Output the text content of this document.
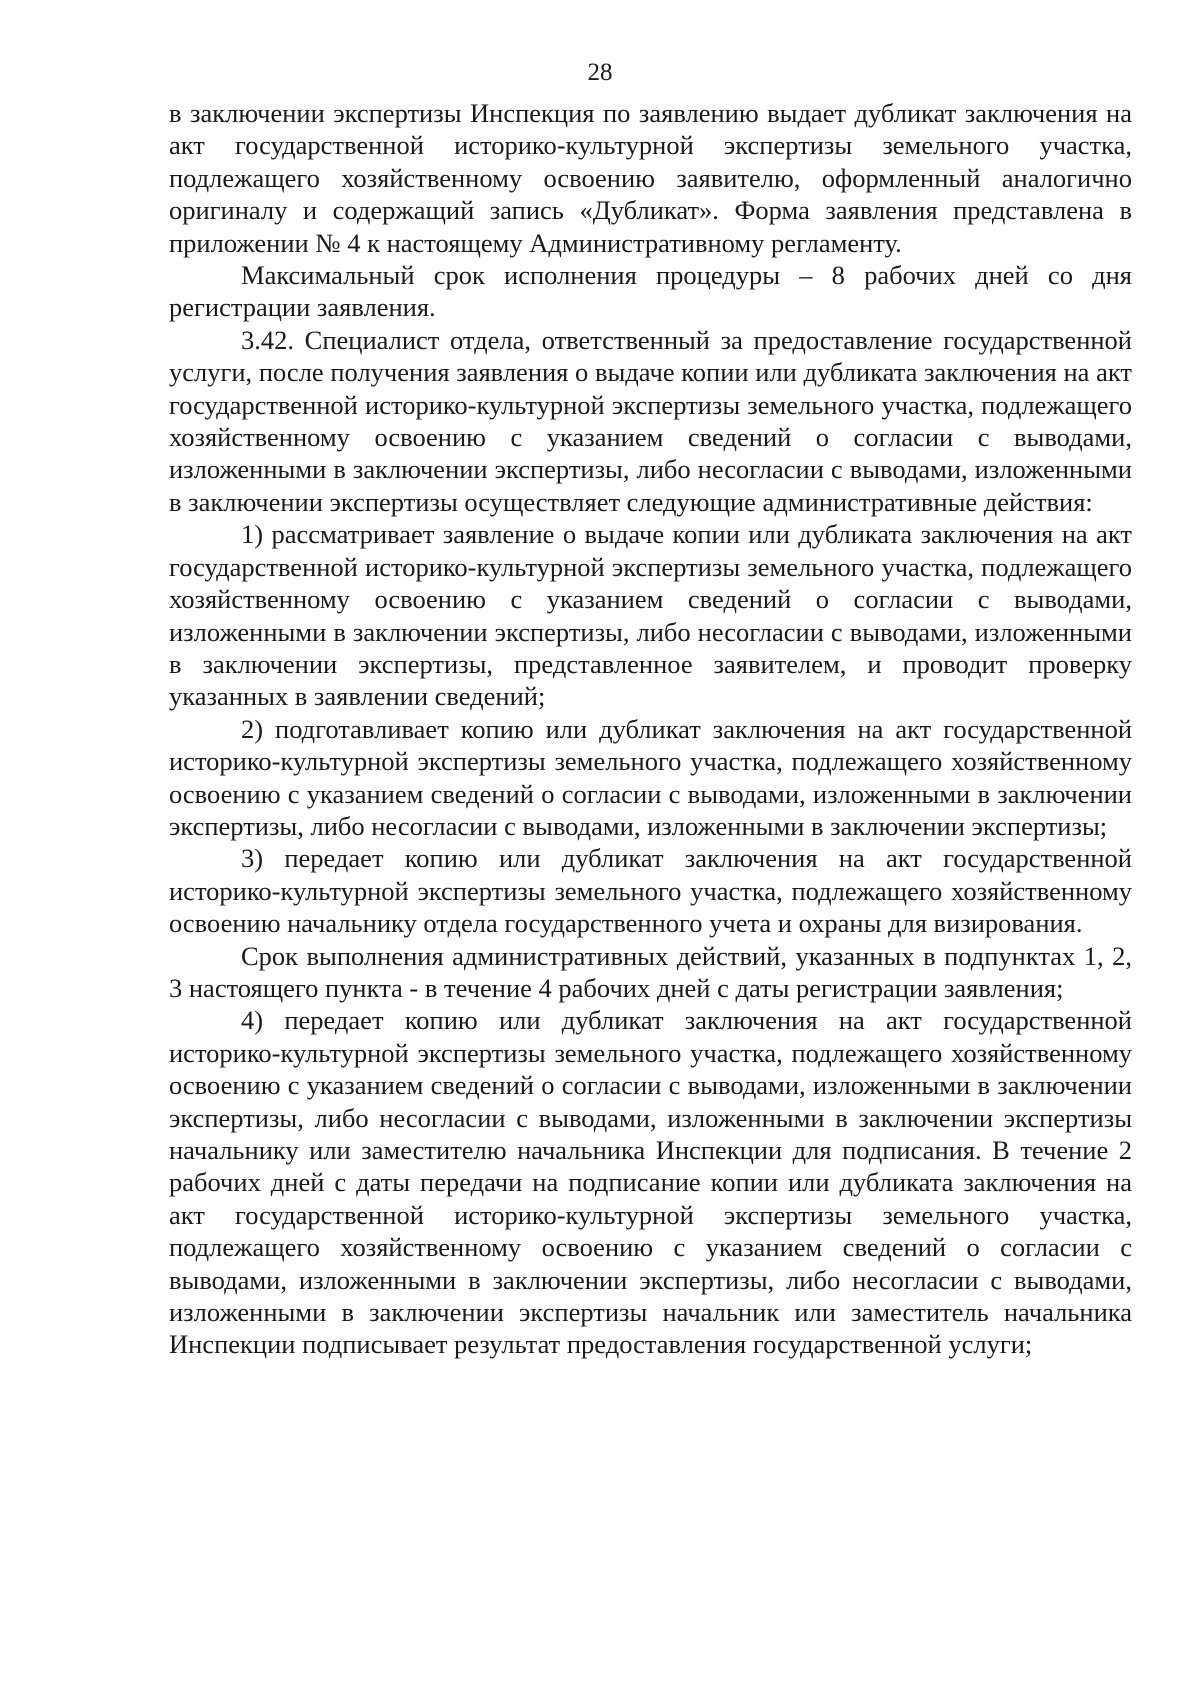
28

в заключении экспертизы Инспекция по заявлению выдает дубликат заключения на акт государственной историко-культурной экспертизы земельного участка, подлежащего хозяйственному освоению заявителю, оформленный аналогично оригиналу и содержащий запись «Дубликат». Форма заявления представлена в приложении № 4 к настоящему Административному регламенту.

Максимальный срок исполнения процедуры – 8 рабочих дней со дня регистрации заявления.

3.42. Специалист отдела, ответственный за предоставление государственной услуги, после получения заявления о выдаче копии или дубликата заключения на акт государственной историко-культурной экспертизы земельного участка, подлежащего хозяйственному освоению с указанием сведений о согласии с выводами, изложенными в заключении экспертизы, либо несогласии с выводами, изложенными в заключении экспертизы осуществляет следующие административные действия:

1) рассматривает заявление о выдаче копии или дубликата заключения на акт государственной историко-культурной экспертизы земельного участка, подлежащего хозяйственному освоению с указанием сведений о согласии с выводами, изложенными в заключении экспертизы, либо несогласии с выводами, изложенными в заключении экспертизы, представленное заявителем, и проводит проверку указанных в заявлении сведений;

2) подготавливает копию или дубликат заключения на акт государственной историко-культурной экспертизы земельного участка, подлежащего хозяйственному освоению с указанием сведений о согласии с выводами, изложенными в заключении экспертизы, либо несогласии с выводами, изложенными в заключении экспертизы;

3) передает копию или дубликат заключения на акт государственной историко-культурной экспертизы земельного участка, подлежащего хозяйственному освоению начальнику отдела государственного учета и охраны для визирования.

Срок выполнения административных действий, указанных в подпунктах 1, 2, 3 настоящего пункта - в течение 4 рабочих дней с даты регистрации заявления;

4) передает копию или дубликат заключения на акт государственной историко-культурной экспертизы земельного участка, подлежащего хозяйственному освоению с указанием сведений о согласии с выводами, изложенными в заключении экспертизы, либо несогласии с выводами, изложенными в заключении экспертизы начальнику или заместителю начальника Инспекции для подписания. В течение 2 рабочих дней с даты передачи на подписание копии или дубликата заключения на акт государственной историко-культурной экспертизы земельного участка, подлежащего хозяйственному освоению с указанием сведений о согласии с выводами, изложенными в заключении экспертизы, либо несогласии с выводами, изложенными в заключении экспертизы начальник или заместитель начальника Инспекции подписывает результат предоставления государственной услуги;
